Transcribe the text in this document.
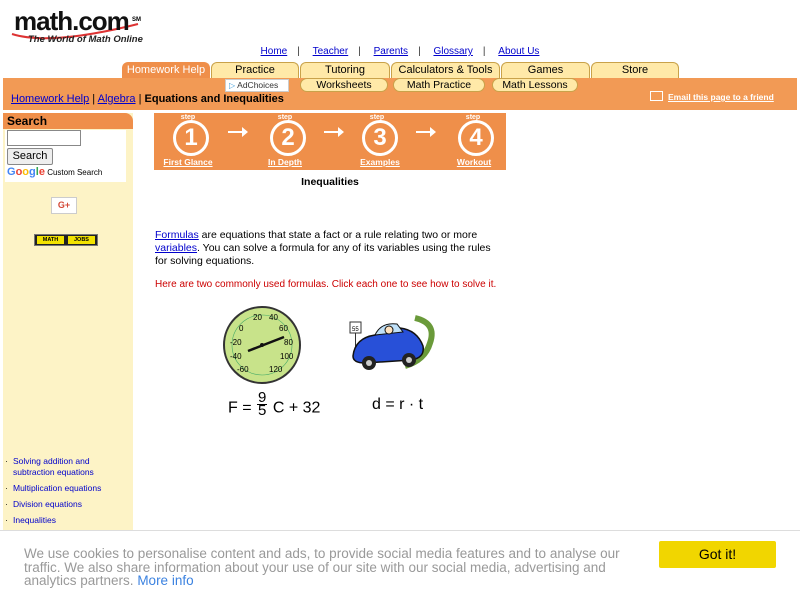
math.com SM
The World of Math Online
Home | Teacher | Parents | Glossary | About Us
Homework Help	Practice	Tutoring	Calculators & Tools	Games	Store
▷ AdChoices	Worksheets	Math Practice	Math Lessons
Homework Help | Algebra | Equations and Inequalities	Email this page to a friend
Search
Search
Google Custom Search
G+
MATH	JOBS
· Solving addition and subtraction equations
· Multiplication equations
· Division equations
· Inequalities
step
1
step
2
step
3
step
4
First Glance	In Depth	Examples	Workout
Inequalities
Formulas are equations that state a fact or a rule relating two or more variables. You can solve a formula for any of its variables using the rules for solving equations.
Here are two commonly used formulas. Click each one to see how to solve it.
20 40
0	60
-20	80
-40	100
-60	120
55
$F = \frac{9}{5}$ C + 32	d = r · t
We use cookies to personalise content and ads, to provide social media features and to analyse our traffic. We also share information about your use of our site with our social media, advertising and analytics partners. More info
Got it!
